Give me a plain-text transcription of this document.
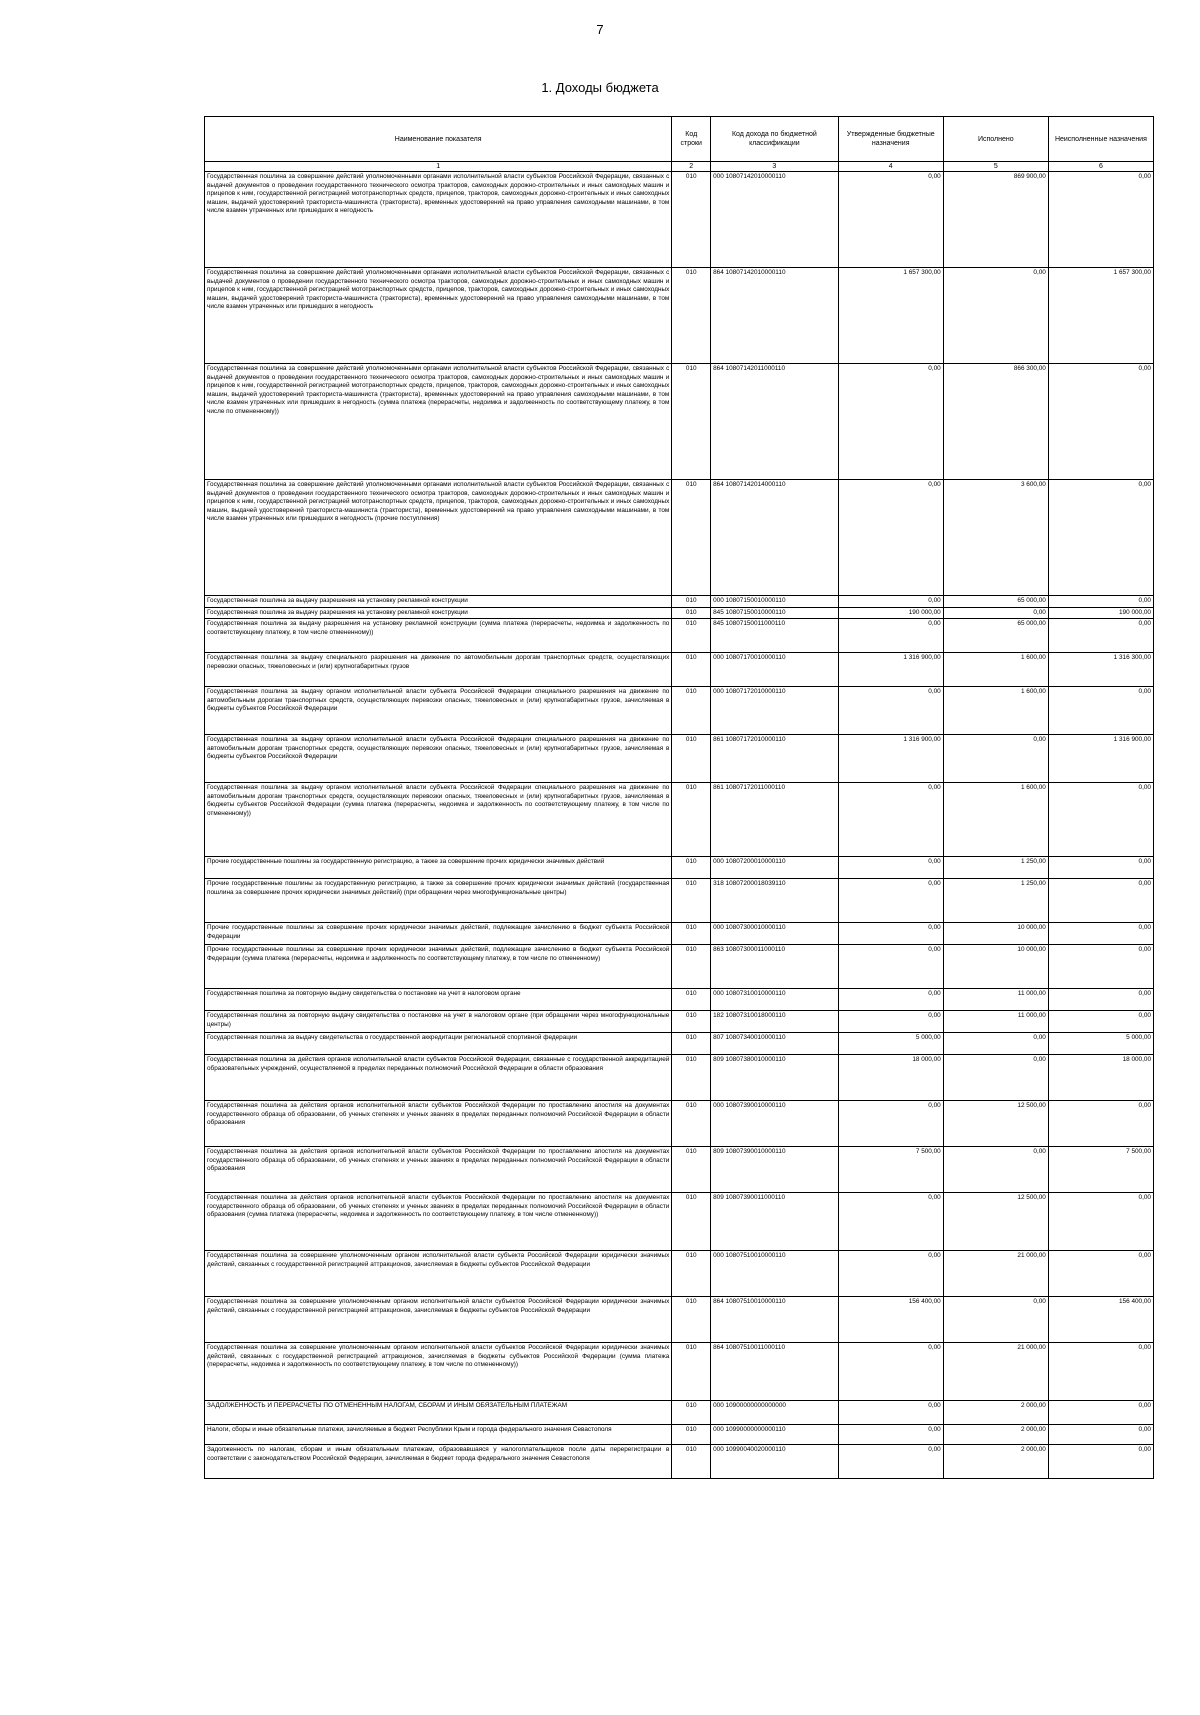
7
1. Доходы бюджета
Наименование показателя	Код строки	Код дохода по бюджетной классификации	Утвержденные бюджетные назначения	Исполнено	Неисполненные назначения
1	2	3	4	5	6
Государственная пошлина за совершение действий уполномоченными органами исполнительной власти субъектов Российской Федерации, связанных с выдачей документов о проведении государственного технического осмотра тракторов, самоходных дорожно-строительных и иных самоходных машин и прицепов к ним, государственной регистрацией мототранспортных средств, прицепов, тракторов, самоходных дорожно-строительных и иных самоходных машин, выдачей удостоверений тракториста-машиниста (тракториста), временных удостоверений на право управления самоходными машинами, в том числе взамен утраченных или пришедших в негодность	010	000 10807142010000110	0,00	869 900,00	0,00
Государственная пошлина за совершение действий уполномоченными органами исполнительной власти субъектов Российской Федерации, связанных с выдачей документов о проведении государственного технического осмотра тракторов, самоходных дорожно-строительных и иных самоходных машин и прицепов к ним, государственной регистрацией мототранспортных средств, прицепов, тракторов, самоходных дорожно-строительных и иных самоходных машин, выдачей удостоверений тракториста-машиниста (тракториста), временных удостоверений на право управления самоходными машинами, в том числе взамен утраченных или пришедших в негодность	010	864 10807142010000110	1 657 300,00	0,00	1 657 300,00
Государственная пошлина за совершение действий уполномоченными органами исполнительной власти субъектов Российской Федерации, связанных с выдачей документов о проведении государственного технического осмотра тракторов, самоходных дорожно-строительных и иных самоходных машин и прицепов к ним, государственной регистрацией мототранспортных средств, прицепов, тракторов, самоходных дорожно-строительных и иных самоходных машин, выдачей удостоверений тракториста-машиниста (тракториста), временных удостоверений на право управления самоходными машинами, в том числе взамен утраченных или пришедших в негодность (сумма платежа (перерасчеты, недоимка и задолженность по соответствующему платежу, в том числе по отмененному))	010	864 10807142011000110	0,00	866 300,00	0,00
Государственная пошлина за совершение действий уполномоченными органами исполнительной власти субъектов Российской Федерации, связанных с выдачей документов о проведении государственного технического осмотра тракторов, самоходных дорожно-строительных и иных самоходных машин и прицепов к ним, государственной регистрацией мототранспортных средств, прицепов, тракторов, самоходных дорожно-строительных и иных самоходных машин, выдачей удостоверений тракториста-машиниста (тракториста), временных удостоверений на право управления самоходными машинами, в том числе взамен утраченных или пришедших в негодность (прочие поступления)	010	864 10807142014000110	0,00	3 600,00	0,00
Государственная пошлина за выдачу разрешения на установку рекламной конструкции	010	000 10807150010000110	0,00	65 000,00	0,00
Государственная пошлина за выдачу разрешения на установку рекламной конструкции	010	845 10807150010000110	190 000,00	0,00	190 000,00
Государственная пошлина за выдачу разрешения на установку рекламной конструкции (сумма платежа (перерасчеты, недоимка и задолженность по соответствующему платежу, в том числе отмененному))	010	845 10807150011000110	0,00	65 000,00	0,00
Государственная пошлина за выдачу специального разрешения на движение по автомобильным дорогам транспортных средств, осуществляющих перевозки опасных, тяжеловесных и (или) крупногабаритных грузов	010	000 10807170010000110	1 316 900,00	1 600,00	1 316 300,00
Государственная пошлина за выдачу органом исполнительной власти субъекта Российской Федерации специального разрешения на движение по автомобильным дорогам транспортных средств, осуществляющих перевозки опасных, тяжеловесных и (или) крупногабаритных грузов, зачисляемая в бюджеты субъектов Российской Федерации	010	000 10807172010000110	0,00	1 600,00	0,00
Государственная пошлина за выдачу органом исполнительной власти субъекта Российской Федерации специального разрешения на движение по автомобильным дорогам транспортных средств, осуществляющих перевозки опасных, тяжеловесных и (или) крупногабаритных грузов, зачисляемая в бюджеты субъектов Российской Федерации	010	861 10807172010000110	1 316 900,00	0,00	1 316 900,00
Государственная пошлина за выдачу органом исполнительной власти субъекта Российской Федерации специального разрешения на движение по автомобильным дорогам транспортных средств, осуществляющих перевозки опасных, тяжеловесных и (или) крупногабаритных грузов, зачисляемая в бюджеты субъектов Российской Федерации (сумма платежа (перерасчеты, недоимка и задолженность по соответствующему платежу, в том числе по отмененному))	010	861 10807172011000110	0,00	1 600,00	0,00
Прочие государственные пошлины за государственную регистрацию, а также за совершение прочих юридически значимых действий	010	000 10807200010000110	0,00	1 250,00	0,00
Прочие государственные пошлины за государственную регистрацию, а также за совершение прочих юридически значимых действий (государственная пошлина за совершение прочих юридически значимых действий) (при обращении через многофункциональные центры)	010	318 10807200018039110	0,00	1 250,00	0,00
Прочие государственные пошлины за совершение прочих юридически значимых действий, подлежащие зачислению в бюджет субъекта Российской Федерации	010	000 10807300010000110	0,00	10 000,00	0,00
Прочие государственные пошлины за совершение прочих юридически значимых действий, подлежащие зачислению в бюджет субъекта Российской Федерации (сумма платежа (перерасчеты, недоимка и задолженность по соответствующему платежу, в том числе по отмененному)	010	863 10807300011000110	0,00	10 000,00	0,00
Государственная пошлина за повторную выдачу свидетельства о постановке на учет в налоговом органе	010	000 10807310010000110	0,00	11 000,00	0,00
Государственная пошлина за повторную выдачу свидетельства о постановке на учет в налоговом органе (при обращении через многофункциональные центры)	010	182 10807310018000110	0,00	11 000,00	0,00
Государственная пошлина за выдачу свидетельства о государственной аккредитации региональной спортивной федерации	010	807 10807340010000110	5 000,00	0,00	5 000,00
Государственная пошлина за действия органов исполнительной власти субъектов Российской Федерации, связанные с государственной аккредитацией образовательных учреждений, осуществляемой в пределах переданных полномочий Российской Федерации в области образования	010	809 10807380010000110	18 000,00	0,00	18 000,00
Государственная пошлина за действия органов исполнительной власти субъектов Российской Федерации по проставлению апостиля на документах государственного образца об образовании, об ученых степенях и ученых званиях в пределах переданных полномочий Российской Федерации в области образования	010	000 10807390010000110	0,00	12 500,00	0,00
Государственная пошлина за действия органов исполнительной власти субъектов Российской Федерации по проставлению апостиля на документах государственного образца об образовании, об ученых степенях и ученых званиях в пределах переданных полномочий Российской Федерации в области образования	010	809 10807390010000110	7 500,00	0,00	7 500,00
Государственная пошлина за действия органов исполнительной власти субъектов Российской Федерации по проставлению апостиля на документах государственного образца об образовании, об ученых степенях и ученых званиях в пределах переданных полномочий Российской Федерации в области образования (сумма платежа (перерасчеты, недоимка и задолженность по соответствующему платежу, в том числе отмененному))	010	809 10807390011000110	0,00	12 500,00	0,00
Государственная пошлина за совершение уполномоченным органом исполнительной власти субъекта Российской Федерации юридически значимых действий, связанных с государственной регистрацией аттракционов, зачисляемая в бюджеты субъектов Российской Федерации	010	000 10807510010000110	0,00	21 000,00	0,00
Государственная пошлина за совершение уполномоченным органом исполнительной власти субъектов Российской Федерации юридически значимых действий, связанных с государственной регистрацией аттракционов, зачисляемая в бюджеты субъектов Российской Федерации	010	864 10807510010000110	156 400,00	0,00	156 400,00
Государственная пошлина за совершение уполномоченным органом исполнительной власти субъектов Российской Федерации юридически значимых действий, связанных с государственной регистрацией аттракционов, зачисляемая в бюджеты субъектов Российской Федерации (сумма платежа (перерасчеты, недоимка и задолженность по соответствующему платежу, в том числе по отмененному))	010	864 10807510011000110	0,00	21 000,00	0,00
ЗАДОЛЖЕННОСТЬ И ПЕРЕРАСЧЕТЫ ПО ОТМЕНЕННЫМ НАЛОГАМ, СБОРАМ И ИНЫМ ОБЯЗАТЕЛЬНЫМ ПЛАТЕЖАМ	010	000 10900000000000000	0,00	2 000,00	0,00
Налоги, сборы и иные обязательные платежи, зачисляемые в бюджет Республики Крым и города федерального значения Севастополя	010	000 10990000000000110	0,00	2 000,00	0,00
Задолженность по налогам, сборам и иным обязательным платежам, образовавшаяся у налогоплательщиков после даты перерегистрации в соответствии с законодательством Российской Федерации, зачисляемая в бюджет города федерального значения Севастополя	010	000 10990040020000110	0,00	2 000,00	0,00
